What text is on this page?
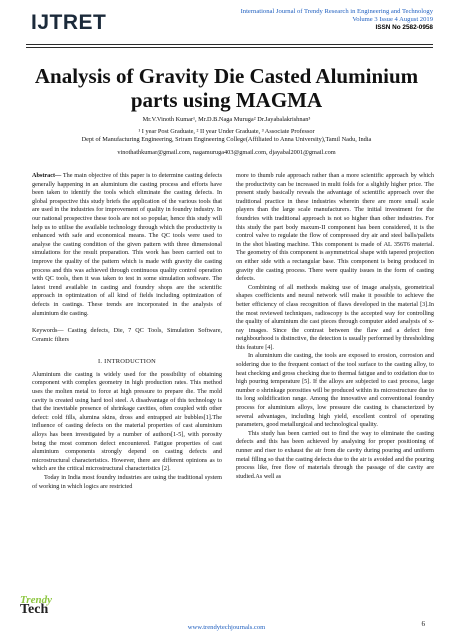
IJTRET	International Journal of Trendy Research in Engineering and Technology
Volume 3 Issue 4 August 2019
ISSN No 2582-0958
Analysis of Gravity Die Casted Aluminium parts using MAGMA
Mr.V.Vinoth Kumar¹, Mr.D.B.Naga Muruga² Dr.Jayabalakrishnan³
¹ I year Post Graduate, ² II year Under Graduate, ³ Associate Professor
Dept of Manufacturing Engineering, Sriram Engineering College(Affiliated to Anna University),Tamil Nadu, India
vinothathkumar@gmail.com, nagamuruga403@gmail.com, djayabal2001@gmail.com

Abstract— The main objective of this paper is to determine casting defects generally happening in an aluminium die casting process and efforts have been taken to identify the tools which eliminate the casting defects. In global prospective this study briefs the application of the various tools that are used in the industries for improvement of quality in foundry industry. In our national prospective these tools are not so popular, hence this study will help us to utilise the available technology through which the productivity is enhanced with safe and economical means. The QC tools were used to analyse the casting condition of the given pattern with three dimensional simulations for the result preparation. This work has been carried out to improve the quality of the pattern which is made with gravity die casting process and this was achieved through continuous quality control operation with QC tools, then it was taken to test in some simulation software. The latest trend available in casting and foundry shops are the scientific approach in optimization of all kind of fields including optimization of defects in castings. These trends are incorporated in the analysis of aluminium die casting.

Keywords— Casting defects, Die, 7 QC Tools, Simulation Software, Ceramic filters

I. INTRODUCTION

Aluminium die casting is widely used for the possibility of obtaining component with complex geometry in high production rates. This method uses the molten metal to force at high pressure to prepare die. The mold cavity is created using hard tool steel. A disadvantage of this technology is that the inevitable presence of shrinkage cavities, often coupled with other defect: cold fills, alumina skins, dross and entrapped air bubbles[1].The influence of casting defects on the material properties of cast aluminium alloys has been investigated by a number of authors[1-5], with porosity being the most common defect encountered. Fatigue properties of cast aluminium components strongly depend on casting defects and microstructural characteristics. However, there are different opinions as to which are the critical microstructural characteristics [2].

Today in India most foundry industries are using the traditional system of working in which logics are restricted

more to thumb rule approach rather than a more scientific approach by which the productivity can be increased in multi folds for a slightly higher price. The present study basically reveals the advantage of scientific approach over the traditional practice in these industries wherein there are more small scale players than the large scale manufacturers. The initial investment for the foundries with traditional approach is not so higher than other industries. For this study the part body maxum-II component has been considered, it is the control valve to regulate the flow of compressed dry air and steel balls/pallets in the shot blasting machine. This component is made of AL 356T6 material. The geometry of this component is asymmetrical shape with tapered projection on either side with a rectangular base. This component is being produced in gravity die casting process. There were quality issues in the form of casting defects.

Combining of all methods making use of image analysis, geometrical shapes coefficients and neural network will make it possible to achieve the better efficiency of class recognition of flaws developed in the material [3].In the most reviewed techniques, radioscopy is the accepted way for controlling the quality of aluminium die cast pieces through computer aided analysis of x- ray images. Since the contrast between the flaw and a defect free neighbourhood is distinctive, the detection is usually performed by thresholding this feature [4].

In aluminium die casting, the tools are exposed to erosion, corrosion and soldering due to the frequent contact of the tool surface to the casting alloy, to heat checking and gross checking due to thermal fatigue and to oxidation due to high pouring temperature [5]. If the alloys are subjected to cast process, large number o shrinkage porosities will be produced within its microstructure due to its long solidification range. Among the innovative and conventional foundry process for aluminium alloys, low pressure die casting is characterized by several advantages, including high yield, excellent control of operating parameters, good metallurgical and technological quality.

This study has been carried out to find the way to eliminate the casting defects and this has been achieved by analysing for proper positioning of runner and riser to exhaust the air from die cavity during pouring and uniform metal filling so that the casting defects due to the air is avoided and the pouring process like, free flow of materials through the passage of die cavity are studied.As well as

Trendy
Tech
www.trendytechjournals.com	6
